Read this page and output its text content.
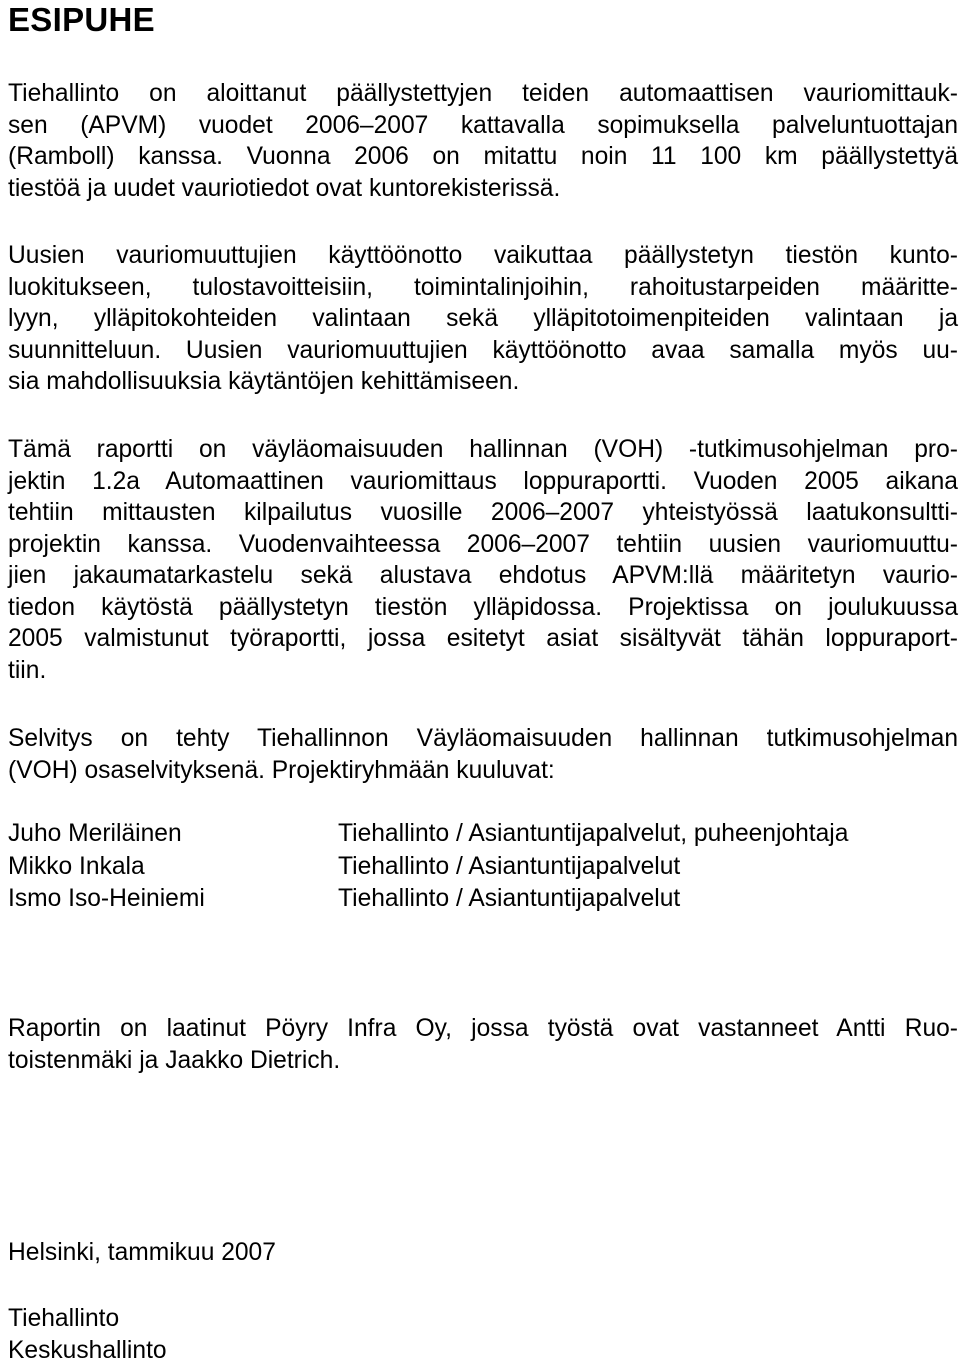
ESIPUHE
Tiehallinto on aloittanut päällystettyjen teiden automaattisen vauriomittauk-
sen (APVM) vuodet 2006–2007 kattavalla sopimuksella palveluntuottajan
(Ramboll) kanssa. Vuonna 2006 on mitattu noin 11 100 km päällystettyä
tiestöä ja uudet vauriotiedot ovat kuntorekisterissä.
Uusien vauriomuuttujien käyttöönotto vaikuttaa päällystetyn tiestön kunto-
luokitukseen, tulostavoitteisiin, toimintalinjoihin, rahoitustarpeiden määritte-
lyyn, ylläpitokohteiden valintaan sekä ylläpitotoimenpiteiden valintaan ja
suunnitteluun. Uusien vauriomuuttujien käyttöönotto avaa samalla myös uu-
sia mahdollisuuksia käytäntöjen kehittämiseen.
Tämä raportti on väyläomaisuuden hallinnan (VOH) -tutkimusohjelman pro-
jektin 1.2a Automaattinen vauriomittaus loppuraportti. Vuoden 2005 aikana
tehtiin mittausten kilpailutus vuosille 2006–2007 yhteistyössä laatukonsultti-
projektin kanssa. Vuodenvaihteessa 2006–2007 tehtiin uusien vauriomuuttu-
jien jakaumatarkastelu sekä alustava ehdotus APVM:llä määritetyn vaurio-
tiedon käytöstä päällystetyn tiestön ylläpidossa. Projektissa on joulukuussa
2005 valmistunut työraportti, jossa esitetyt asiat sisältyvät tähän loppuraport-
tiin.
Selvitys on tehty Tiehallinnon Väyläomaisuuden hallinnan tutkimusohjelman
(VOH) osaselvityksenä. Projektiryhmään kuuluvat:
Juho Meriläinen	Tiehallinto / Asiantuntijapalvelut, puheenjohtaja
Mikko Inkala	Tiehallinto / Asiantuntijapalvelut
Ismo Iso-Heiniemi	Tiehallinto / Asiantuntijapalvelut
Raportin on laatinut Pöyry Infra Oy, jossa työstä ovat vastanneet Antti Ruo-
toistenmäki ja Jaakko Dietrich.
Helsinki, tammikuu 2007
Tiehallinto
Keskushallinto
